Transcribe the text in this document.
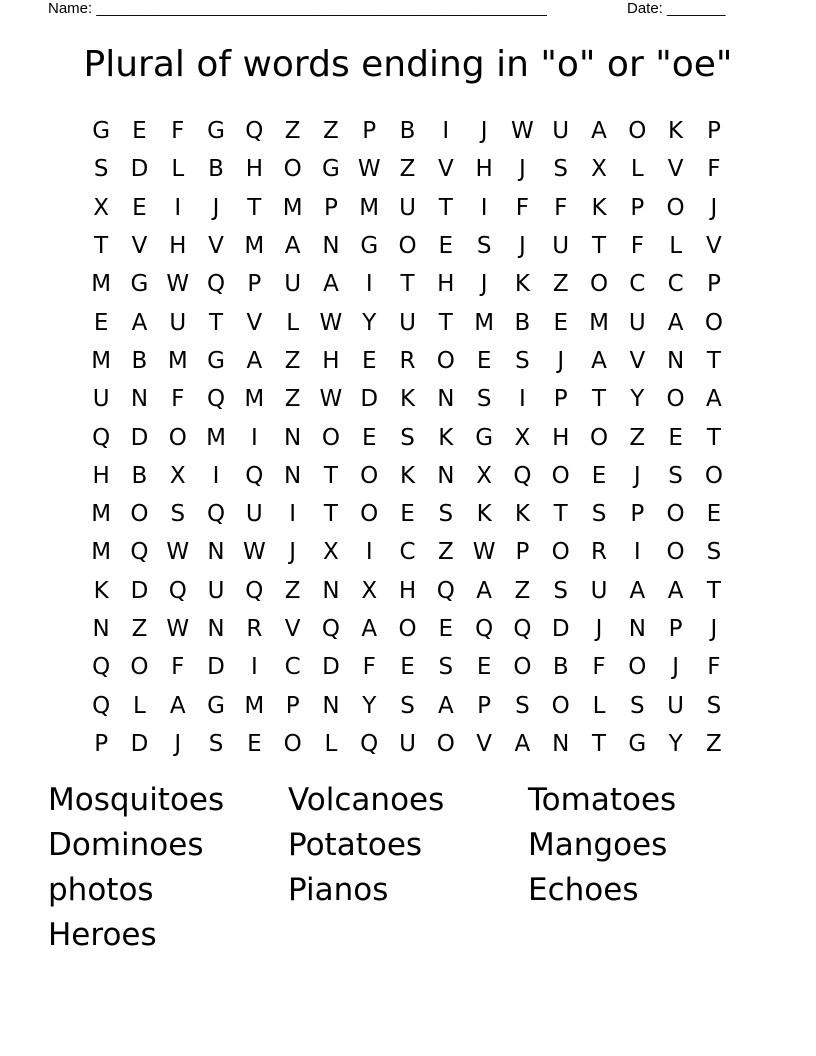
Name: ______________________________________________________	Date: _______
Plural of words ending in "o" or "oe"
G E	F G Q Z Z	P	B	I	J	W U A O K	P
S D	L	B H O G W Z V H	J	S	X	L	V	F
X	E	I	J	T M P M U T	I	F	F	K	P O	J
T	V H V M A N G O E	S	J	U T	F	L	V
M G W Q P U A	I	T H	J	K Z O C C	P
E	A U T	V	L W Y U T M B	E M U A O
M B M G A Z H E	R O E	S	J	A V N T
U N	F Q M Z W D K N S	I	P	T	Y O A
Q D O M	I	N O E	S	K G X H O Z	E	T
H B X	I	Q N T O K N X Q O E	J	S O
M O S Q U	I	T O E	S	K	K	T	S	P O E
M Q W N W	J	X	I	C Z W P O R	I	O S
K D Q U Q Z N X H Q A Z	S U A A	T
N Z W N R V Q A O E Q Q D	J	N P	J
Q O F D	I	C D F	E	S	E O B	F O	J	F
Q L	A G M P N Y	S	A	P	S O L	S U S
P D	J	S	E O L Q U O V A N T G Y	Z
Mosquitoes	Volcanoes	Tomatoes
Dominoes	Potatoes	Mangoes
photos	Pianos	Echoes
Heroes
